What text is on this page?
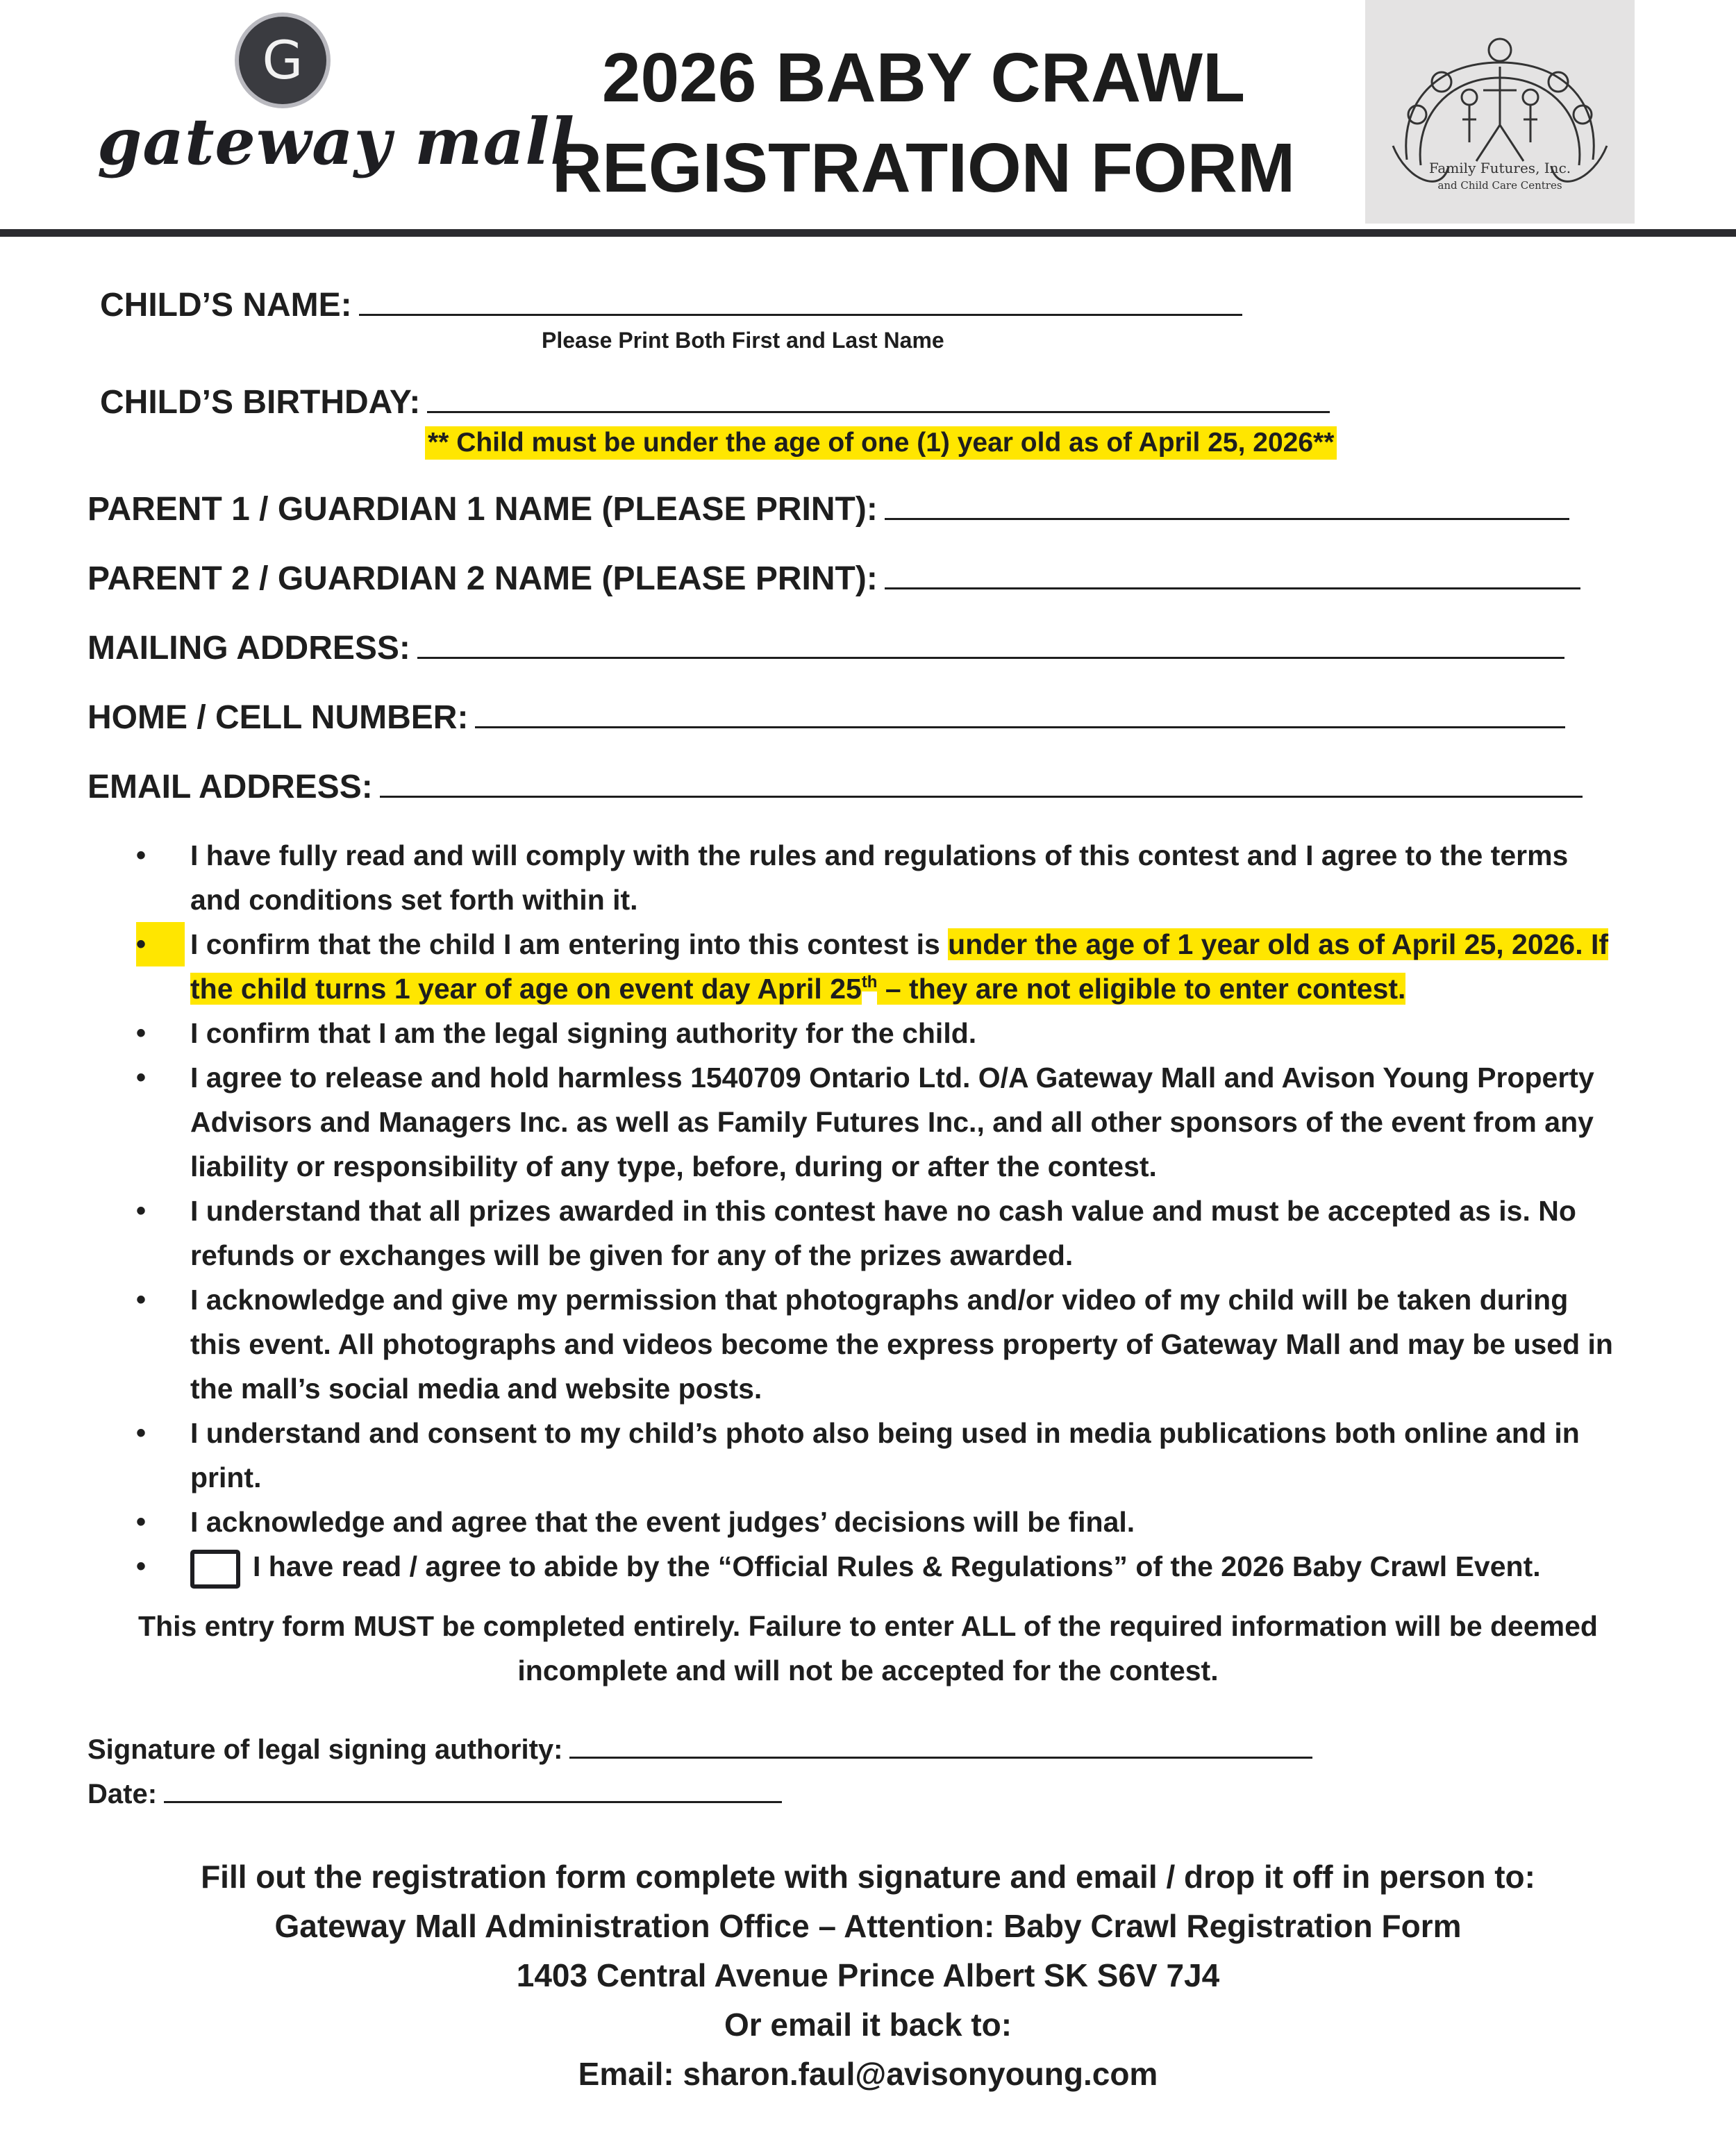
G
gateway mall
2026 BABY CRAWL
REGISTRATION FORM	Family Futures, Inc.
and Child Care Centres
CHILD’S NAME:
Please Print Both First and Last Name
CHILD’S BIRTHDAY:
** Child must be under the age of one (1) year old as of April 25, 2026**
PARENT 1 / GUARDIAN 1 NAME (PLEASE PRINT):
PARENT 2 / GUARDIAN 2 NAME (PLEASE PRINT):
MAILING ADDRESS:
HOME / CELL NUMBER:
EMAIL ADDRESS:
•	I have fully read and will comply with the rules and regulations of this contest and I agree to the terms and conditions set forth within it.
•	I confirm that the child I am entering into this contest is under the age of 1 year old as of April 25, 2026. If the child turns 1 year of age on event day April 25th – they are not eligible to enter contest.
•	I confirm that I am the legal signing authority for the child.
•	I agree to release and hold harmless 1540709 Ontario Ltd. O/A Gateway Mall and Avison Young Property Advisors and Managers Inc. as well as Family Futures Inc., and all other sponsors of the event from any liability or responsibility of any type, before, during or after the contest.
•	I understand that all prizes awarded in this contest have no cash value and must be accepted as is. No refunds or exchanges will be given for any of the prizes awarded.
•	I acknowledge and give my permission that photographs and/or video of my child will be taken during this event. All photographs and videos become the express property of Gateway Mall and may be used in the mall’s social media and website posts.
•	I understand and consent to my child’s photo also being used in media publications both online and in print.
•	I acknowledge and agree that the event judges’ decisions will be final.
•	I have read / agree to abide by the “Official Rules & Regulations” of the 2026 Baby Crawl Event.
This entry form MUST be completed entirely. Failure to enter ALL of the required information will be deemed incomplete and will not be accepted for the contest.
Signature of legal signing authority:
Date:
Fill out the registration form complete with signature and email / drop it off in person to:
Gateway Mall Administration Office – Attention: Baby Crawl Registration Form
1403 Central Avenue Prince Albert SK S6V 7J4
Or email it back to:
Email: sharon.faul@avisonyoung.com
